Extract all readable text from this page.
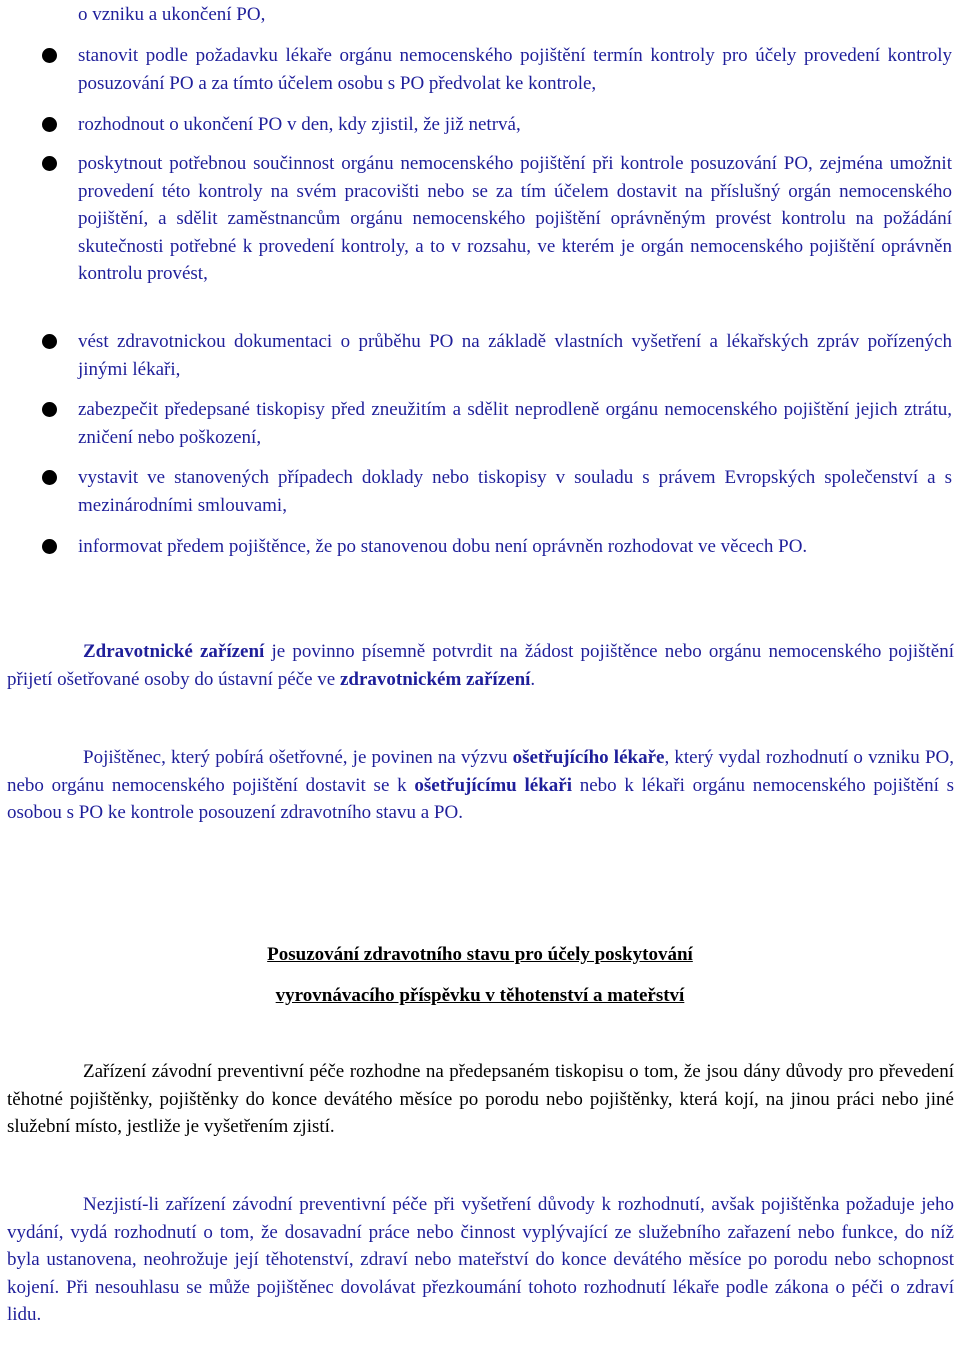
o vzniku a ukončení PO,

stanovit podle požadavku lékaře orgánu nemocenského pojištění termín kontroly pro účely provedení kontroly posuzování PO a za tímto účelem osobu s PO předvolat ke kontrole,

rozhodnout o ukončení PO v den, kdy zjistil, že již netrvá,

poskytnout potřebnou součinnost orgánu nemocenského pojištění při kontrole posuzování PO, zejména umožnit provedení této kontroly na svém pracovišti nebo se za tím účelem dostavit na příslušný orgán nemocenského pojištění, a sdělit zaměstnancům orgánu nemocenského pojištění oprávněným provést kontrolu na požádání skutečnosti potřebné k provedení kontroly, a to v rozsahu, ve kterém je orgán nemocenského pojištění oprávněn kontrolu provést,

vést zdravotnickou dokumentaci o průběhu PO na základě vlastních vyšetření a lékařských zpráv pořízených jinými lékaři,

zabezpečit předepsané tiskopisy před zneužitím a sdělit neprodleně orgánu nemocenského pojištění jejich ztrátu, zničení nebo poškození,

vystavit ve stanovených případech doklady nebo tiskopisy v souladu s právem Evropských společenství a s mezinárodními smlouvami,

informovat předem pojištěnce, že po stanovenou dobu není oprávněn rozhodovat ve věcech PO.

Zdravotnické zařízení je povinno písemně potvrdit na žádost pojištěnce nebo orgánu nemocenského pojištění přijetí ošetřované osoby do ústavní péče ve zdravotnickém zařízení.

Pojištěnec, který pobírá ošetřovné, je povinen na výzvu ošetřujícího lékaře, který vydal rozhodnutí o vzniku PO, nebo orgánu nemocenského pojištění dostavit se k ošetřujícímu lékaři nebo k lékaři orgánu nemocenského pojištění s osobou s PO ke kontrole posouzení zdravotního stavu a PO.

Posuzování zdravotního stavu pro účely poskytování

vyrovnávacího příspěvku v těhotenství a mateřství

Zařízení závodní preventivní péče rozhodne na předepsaném tiskopisu o tom, že jsou dány důvody pro převedení těhotné pojištěnky, pojištěnky do konce devátého měsíce po porodu nebo pojištěnky, která kojí, na jinou práci nebo jiné služební místo, jestliže je vyšetřením zjistí.

Nezjistí-li zařízení závodní preventivní péče při vyšetření důvody k rozhodnutí, avšak pojištěnka požaduje jeho vydání, vydá rozhodnutí o tom, že dosavadní práce nebo činnost vyplývající ze služebního zařazení nebo funkce, do níž byla ustanovena, neohrožuje její těhotenství, zdraví nebo mateřství do konce devátého měsíce po porodu nebo schopnost kojení. Při nesouhlasu se může pojištěnec dovolávat přezkoumání tohoto rozhodnutí lékaře podle zákona o péči o zdraví lidu.
